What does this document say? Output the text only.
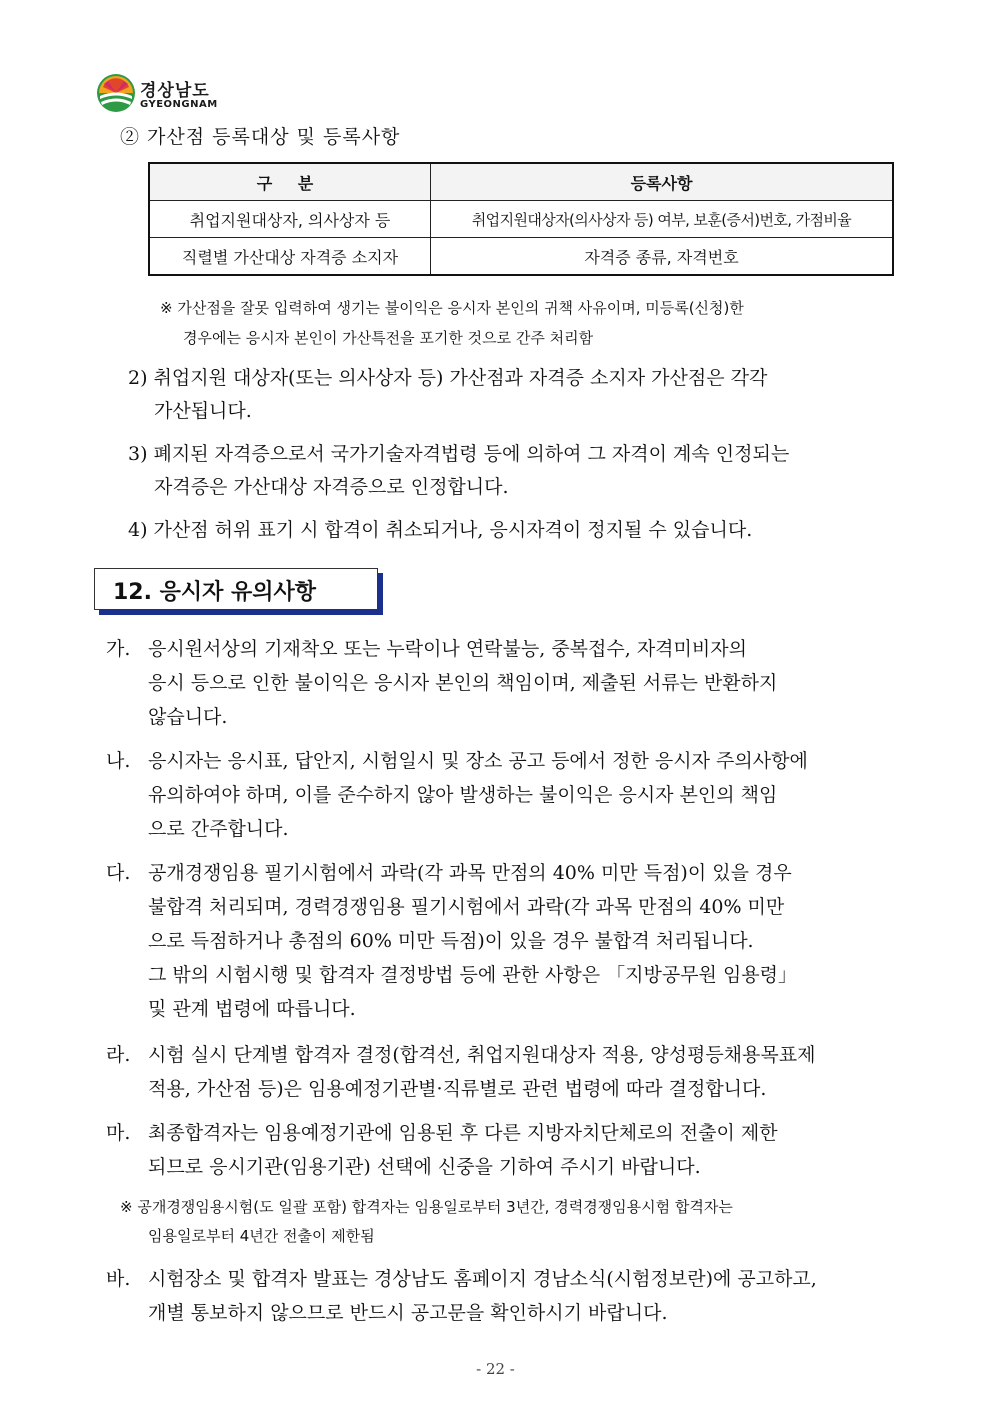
경상남도
GYEONGNAM
② 가산점 등록대상 및 등록사항
구 분	등록사항
취업지원대상자, 의사상자 등	취업지원대상자(의사상자 등) 여부, 보훈(증서)번호, 가점비율
직렬별 가산대상 자격증 소지자	자격증 종류, 자격번호
※ 가산점을 잘못 입력하여 생기는 불이익은 응시자 본인의 귀책 사유이며, 미등록(신청)한
경우에는 응시자 본인이 가산특전을 포기한 것으로 간주 처리함
2) 취업지원 대상자(또는 의사상자 등) 가산점과 자격증 소지자 가산점은 각각
가산됩니다.
3) 폐지된 자격증으로서 국가기술자격법령 등에 의하여 그 자격이 계속 인정되는
자격증은 가산대상 자격증으로 인정합니다.
4) 가산점 허위 표기 시 합격이 취소되거나, 응시자격이 정지될 수 있습니다.
12. 응시자 유의사항
가. 응시원서상의 기재착오 또는 누락이나 연락불능, 중복접수, 자격미비자의
응시 등으로 인한 불이익은 응시자 본인의 책임이며, 제출된 서류는 반환하지
않습니다.
나. 응시자는 응시표, 답안지, 시험일시 및 장소 공고 등에서 정한 응시자 주의사항에
유의하여야 하며, 이를 준수하지 않아 발생하는 불이익은 응시자 본인의 책임
으로 간주합니다.
다. 공개경쟁임용 필기시험에서 과락(각 과목 만점의 40% 미만 득점)이 있을 경우
불합격 처리되며, 경력경쟁임용 필기시험에서 과락(각 과목 만점의 40% 미만
으로 득점하거나 총점의 60% 미만 득점)이 있을 경우 불합격 처리됩니다.
그 밖의 시험시행 및 합격자 결정방법 등에 관한 사항은 「지방공무원 임용령」
및 관계 법령에 따릅니다.
라. 시험 실시 단계별 합격자 결정(합격선, 취업지원대상자 적용, 양성평등채용목표제
적용, 가산점 등)은 임용예정기관별·직류별로 관련 법령에 따라 결정합니다.
마. 최종합격자는 임용예정기관에 임용된 후 다른 지방자치단체로의 전출이 제한
되므로 응시기관(임용기관) 선택에 신중을 기하여 주시기 바랍니다.
※ 공개경쟁임용시험(도 일괄 포함) 합격자는 임용일로부터 3년간, 경력경쟁임용시험 합격자는
임용일로부터 4년간 전출이 제한됨
바. 시험장소 및 합격자 발표는 경상남도 홈페이지 경남소식(시험정보란)에 공고하고,
개별 통보하지 않으므로 반드시 공고문을 확인하시기 바랍니다.
- 22 -
